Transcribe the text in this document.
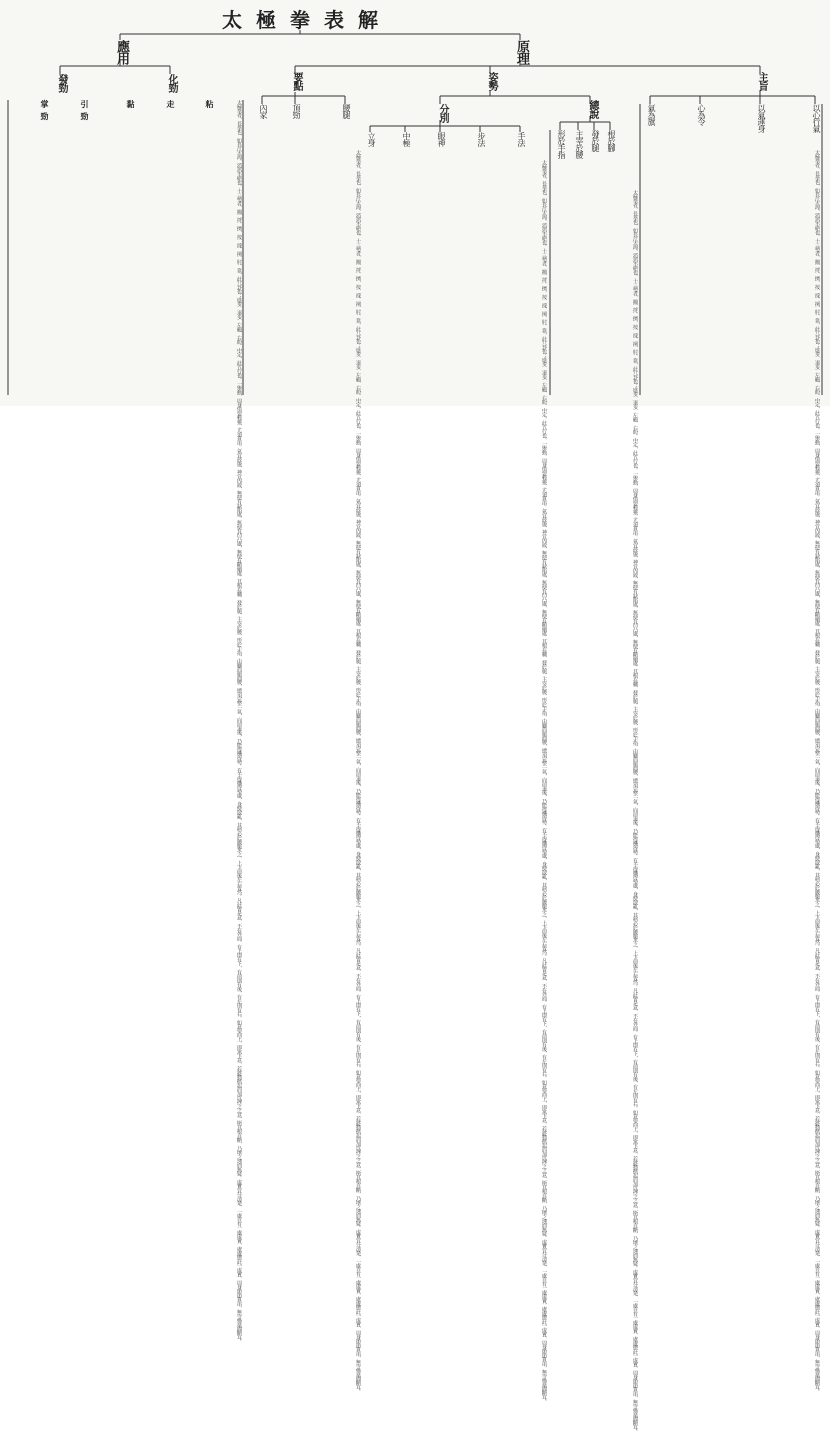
太極拳表解
應用	原理
發勁	化勁	要點	姿勢	主旨
內家	頂勁	腰腿	分別	總說
手法
步法
眼神
中極
立身	根於腳
發於腿
主宰於腰
形於手指
以心行氣
以氣運身
心為令
氣為旗
掌
勁
引
勁
粘
走
黏	太極拳者，長拳也，如長江大海，滔滔不絕也。十三勢者，掤、捋、擠、按、採、挒、肘、靠，此八卦也；進步、退步、左顧、右盼、中定，此五行也。一舉動，周身俱要輕靈，尤須貫串。氣宜鼓盪，神宜內斂，無使有缺陷處，無使有凹凸處，無使有斷續處。其根在腳，發於腿，主宰於腰，形於手指，由腳而腿而腰，總須完整一氣，向前退後，乃能得機得勢。有不得機得勢處，身便散亂，其病必於腰腿求之，上下前後左右皆然。凡此皆是意，不在外面。有上即有下，有前則有後，有左則有右。如意要向上，即寓下意，若將物掀起而加以挫之之意，斯其根自斷，乃壞之速而無疑。虛實宜分清楚，一處自有一處虛實，處處總此一虛實，周身節節貫串，無令絲毫間斷耳。	太極拳者，長拳也，如長江大海，滔滔不絕也。十三勢者，掤、捋、擠、按、採、挒、肘、靠，此八卦也；進步、退步、左顧、右盼、中定，此五行也。一舉動，周身俱要輕靈，尤須貫串。氣宜鼓盪，神宜內斂，無使有缺陷處，無使有凹凸處，無使有斷續處。其根在腳，發於腿，主宰於腰，形於手指，由腳而腿而腰，總須完整一氣，向前退後，乃能得機得勢。有不得機得勢處，身便散亂，其病必於腰腿求之，上下前後左右皆然。凡此皆是意，不在外面。有上即有下，有前則有後，有左則有右。如意要向上，即寓下意，若將物掀起而加以挫之之意，斯其根自斷，乃壞之速而無疑。虛實宜分清楚，一處自有一處虛實，處處總此一虛實，周身節節貫串，無令絲毫間斷耳。	太極拳者，長拳也，如長江大海，滔滔不絕也。十三勢者，掤、捋、擠、按、採、挒、肘、靠，此八卦也；進步、退步、左顧、右盼、中定，此五行也。一舉動，周身俱要輕靈，尤須貫串。氣宜鼓盪，神宜內斂，無使有缺陷處，無使有凹凸處，無使有斷續處。其根在腳，發於腿，主宰於腰，形於手指，由腳而腿而腰，總須完整一氣，向前退後，乃能得機得勢。有不得機得勢處，身便散亂，其病必於腰腿求之，上下前後左右皆然。凡此皆是意，不在外面。有上即有下，有前則有後，有左則有右。如意要向上，即寓下意，若將物掀起而加以挫之之意，斯其根自斷，乃壞之速而無疑。虛實宜分清楚，一處自有一處虛實，處處總此一虛實，周身節節貫串，無令絲毫間斷耳。	太極拳者，長拳也，如長江大海，滔滔不絕也。十三勢者，掤、捋、擠、按、採、挒、肘、靠，此八卦也；進步、退步、左顧、右盼、中定，此五行也。一舉動，周身俱要輕靈，尤須貫串。氣宜鼓盪，神宜內斂，無使有缺陷處，無使有凹凸處，無使有斷續處。其根在腳，發於腿，主宰於腰，形於手指，由腳而腿而腰，總須完整一氣，向前退後，乃能得機得勢。有不得機得勢處，身便散亂，其病必於腰腿求之，上下前後左右皆然。凡此皆是意，不在外面。有上即有下，有前則有後，有左則有右。如意要向上，即寓下意，若將物掀起而加以挫之之意，斯其根自斷，乃壞之速而無疑。虛實宜分清楚，一處自有一處虛實，處處總此一虛實，周身節節貫串，無令絲毫間斷耳。	太極拳者，長拳也，如長江大海，滔滔不絕也。十三勢者，掤、捋、擠、按、採、挒、肘、靠，此八卦也；進步、退步、左顧、右盼、中定，此五行也。一舉動，周身俱要輕靈，尤須貫串。氣宜鼓盪，神宜內斂，無使有缺陷處，無使有凹凸處，無使有斷續處。其根在腳，發於腿，主宰於腰，形於手指，由腳而腿而腰，總須完整一氣，向前退後，乃能得機得勢。有不得機得勢處，身便散亂，其病必於腰腿求之，上下前後左右皆然。凡此皆是意，不在外面。有上即有下，有前則有後，有左則有右。如意要向上，即寓下意，若將物掀起而加以挫之之意，斯其根自斷，乃壞之速而無疑。虛實宜分清楚，一處自有一處虛實，處處總此一虛實，周身節節貫串，無令絲毫間斷耳。
